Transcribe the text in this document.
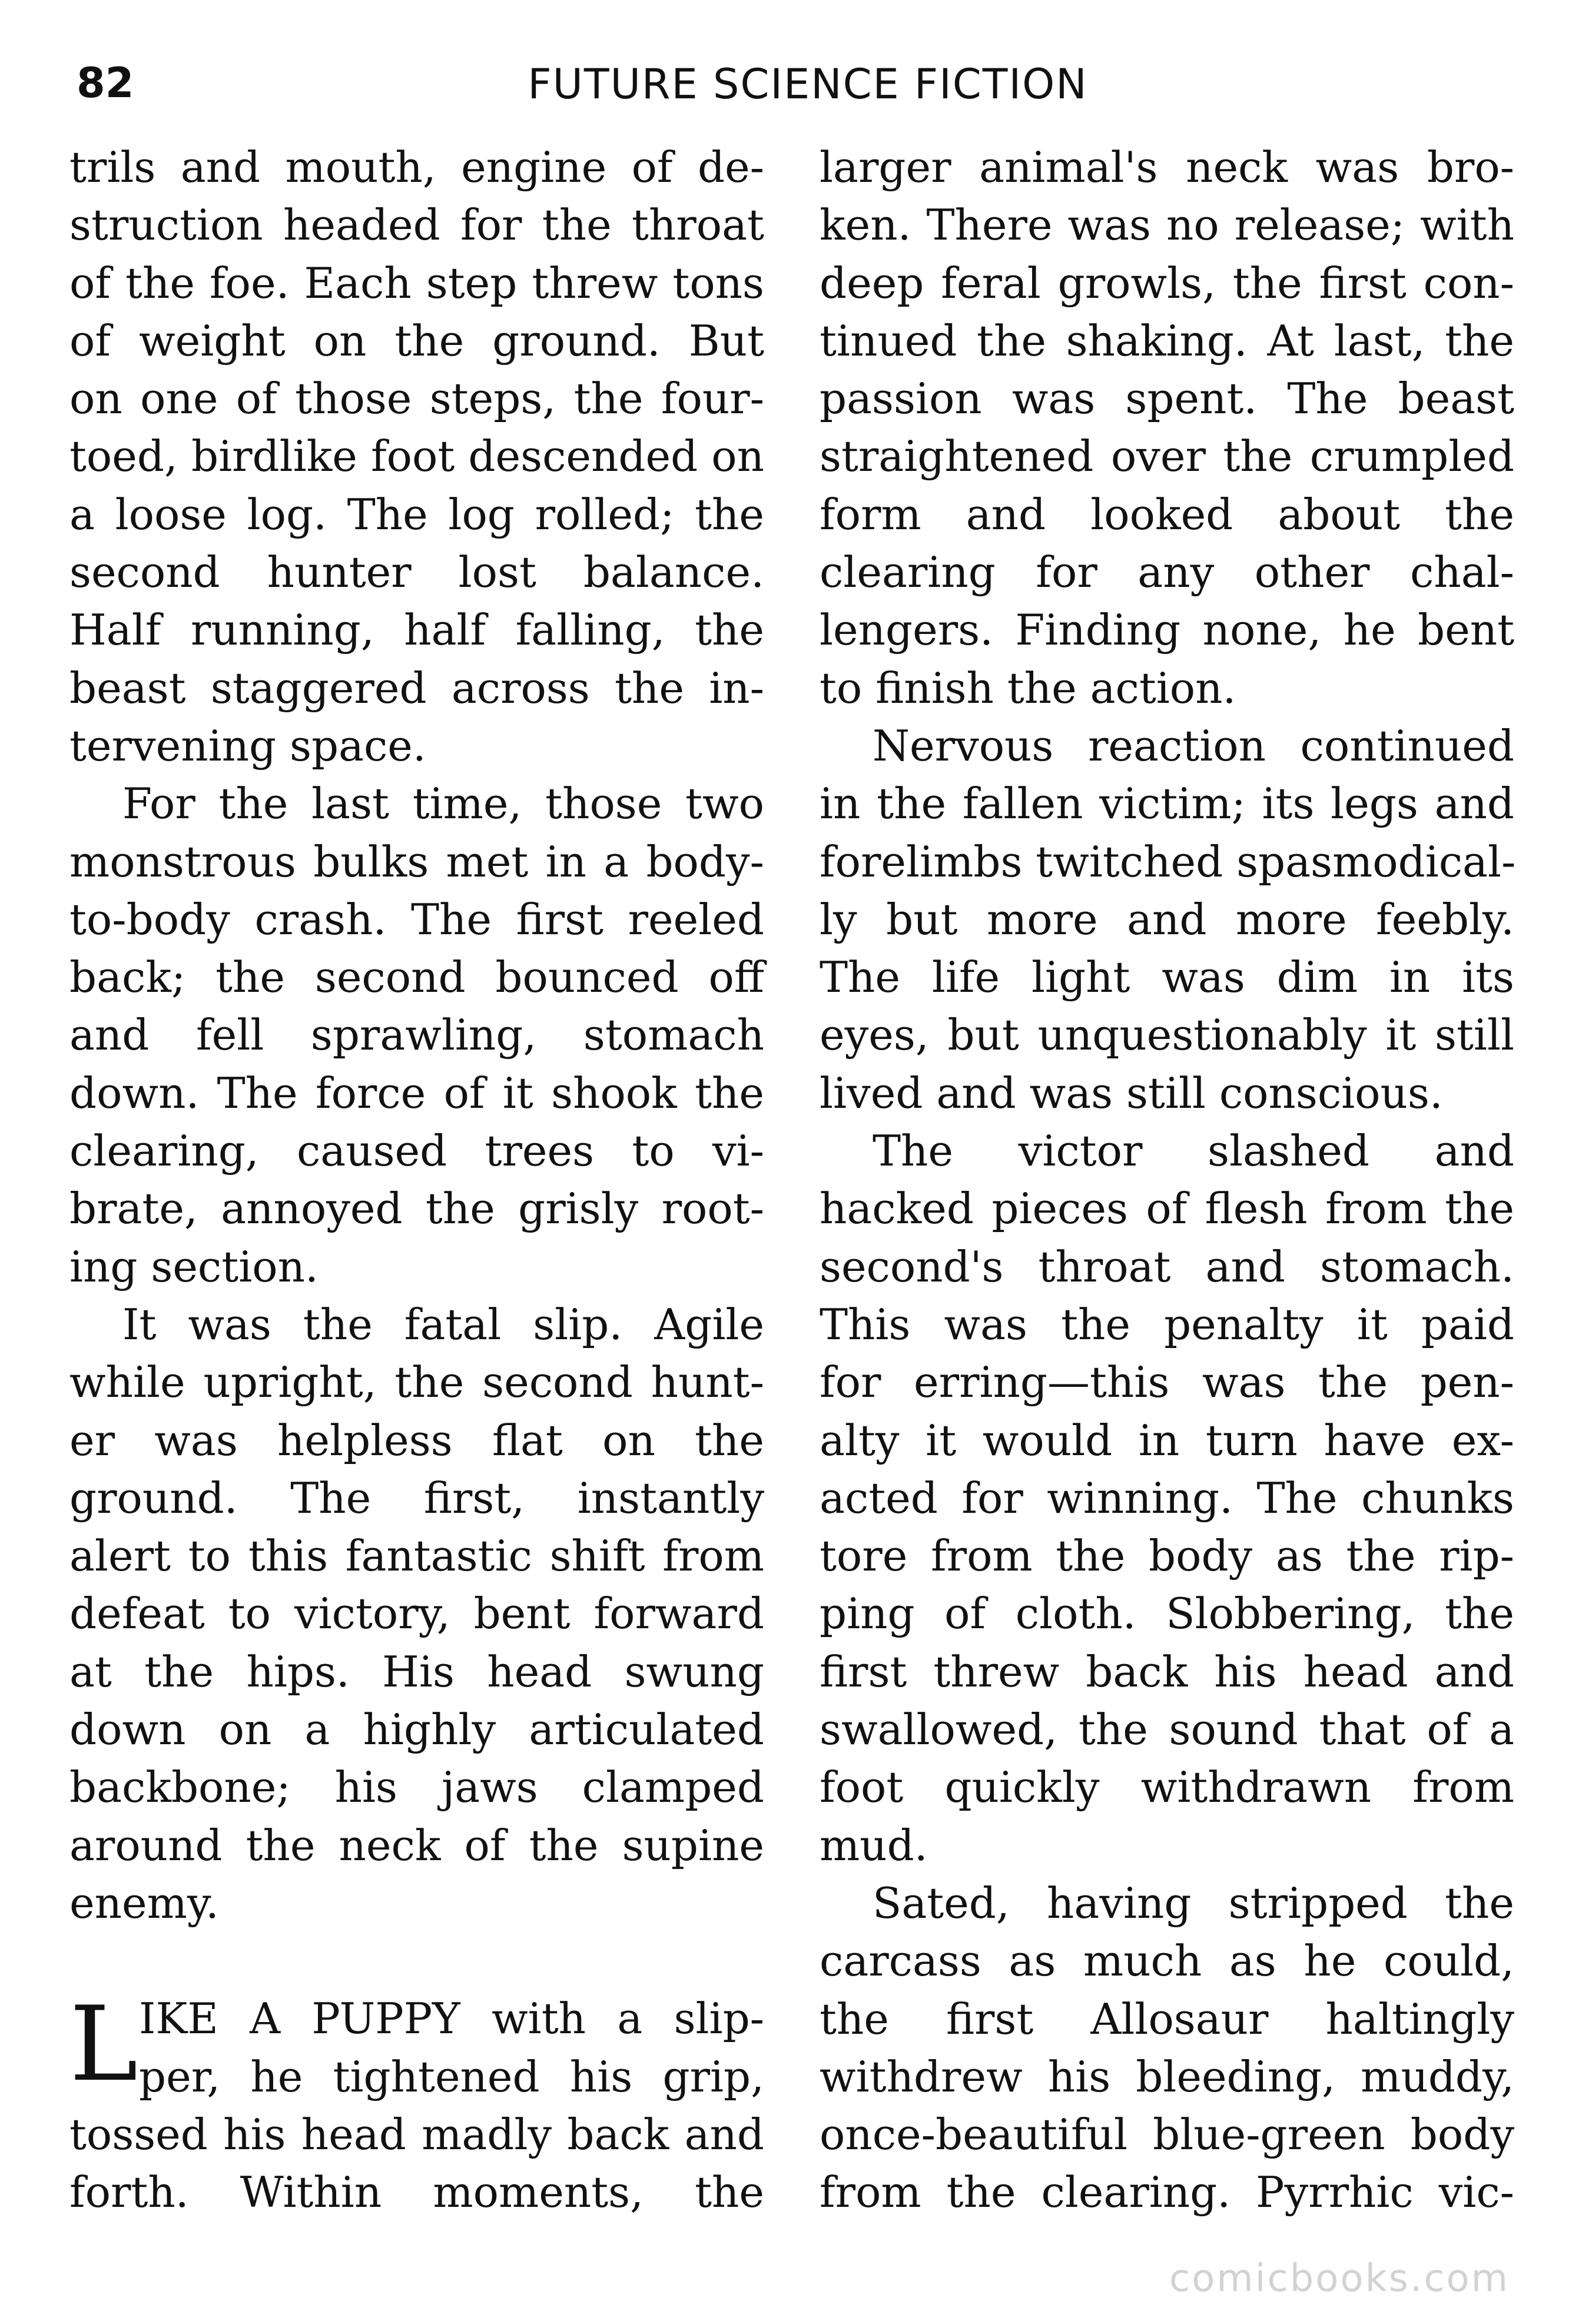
82	FUTURE SCIENCE FICTION
trils and mouth, engine of de-
struction headed for the throat
of the foe. Each step threw tons
of weight on the ground. But
on one of those steps, the four-
toed, birdlike foot descended on
a loose log. The log rolled; the
second hunter lost balance.
Half running, half falling, the
beast staggered across the in-
tervening space.
For the last time, those two
monstrous bulks met in a body-
to-body crash. The first reeled
back; the second bounced off
and fell sprawling, stomach
down. The force of it shook the
clearing, caused trees to vi-
brate, annoyed the grisly root-
ing section.
It was the fatal slip. Agile
while upright, the second hunt-
er was helpless flat on the
ground. The first, instantly
alert to this fantastic shift from
defeat to victory, bent forward
at the hips. His head swung
down on a highly articulated
backbone; his jaws clamped
around the neck of the supine
enemy.
L IKE A PUPPY with a slip-
per, he tightened his grip,
tossed his head madly back and
forth. Within moments, the
larger animal's neck was bro-
ken. There was no release; with
deep feral growls, the first con-
tinued the shaking. At last, the
passion was spent. The beast
straightened over the crumpled
form and looked about the
clearing for any other chal-
lengers. Finding none, he bent
to finish the action.
Nervous reaction continued
in the fallen victim; its legs and
forelimbs twitched spasmodical-
ly but more and more feebly.
The life light was dim in its
eyes, but unquestionably it still
lived and was still conscious.
The victor slashed and
hacked pieces of flesh from the
second's throat and stomach.
This was the penalty it paid
for erring—this was the pen-
alty it would in turn have ex-
acted for winning. The chunks
tore from the body as the rip-
ping of cloth. Slobbering, the
first threw back his head and
swallowed, the sound that of a
foot quickly withdrawn from
mud.
Sated, having stripped the
carcass as much as he could,
the first Allosaur haltingly
withdrew his bleeding, muddy,
once-beautiful blue-green body
from the clearing. Pyrrhic vic-
comicbooks.com
